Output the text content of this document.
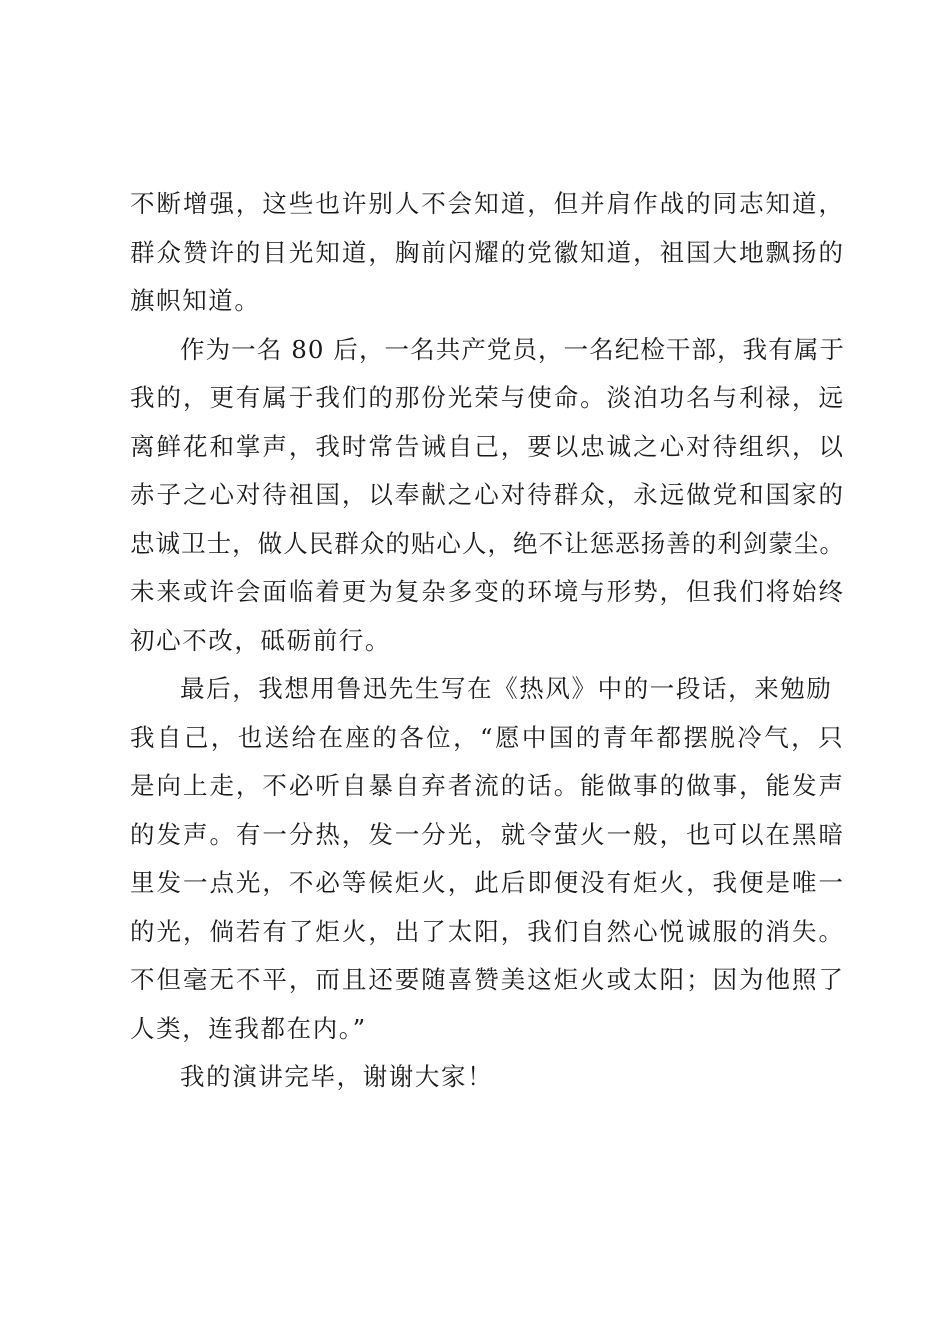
不断增强，这些也许别人不会知道，但并肩作战的同志知道，
群众赞许的目光知道，胸前闪耀的党徽知道，祖国大地飘扬的
旗帜知道。

作为一名 80 后，一名共产党员，一名纪检干部，我有属于
我的，更有属于我们的那份光荣与使命。淡泊功名与利禄，远
离鲜花和掌声，我时常告诫自己，要以忠诚之心对待组织，以
赤子之心对待祖国，以奉献之心对待群众，永远做党和国家的
忠诚卫士，做人民群众的贴心人，绝不让惩恶扬善的利剑蒙尘。
未来或许会面临着更为复杂多变的环境与形势，但我们将始终
初心不改，砥砺前行。

最后，我想用鲁迅先生写在《热风》中的一段话，来勉励
我自己，也送给在座的各位，“愿中国的青年都摆脱冷气，只
是向上走，不必听自暴自弃者流的话。能做事的做事，能发声
的发声。有一分热，发一分光，就令萤火一般，也可以在黑暗
里发一点光，不必等候炬火，此后即便没有炬火，我便是唯一
的光，倘若有了炬火，出了太阳，我们自然心悦诚服的消失。
不但毫无不平，而且还要随喜赞美这炬火或太阳；因为他照了
人类，连我都在内。”

我的演讲完毕，谢谢大家！
